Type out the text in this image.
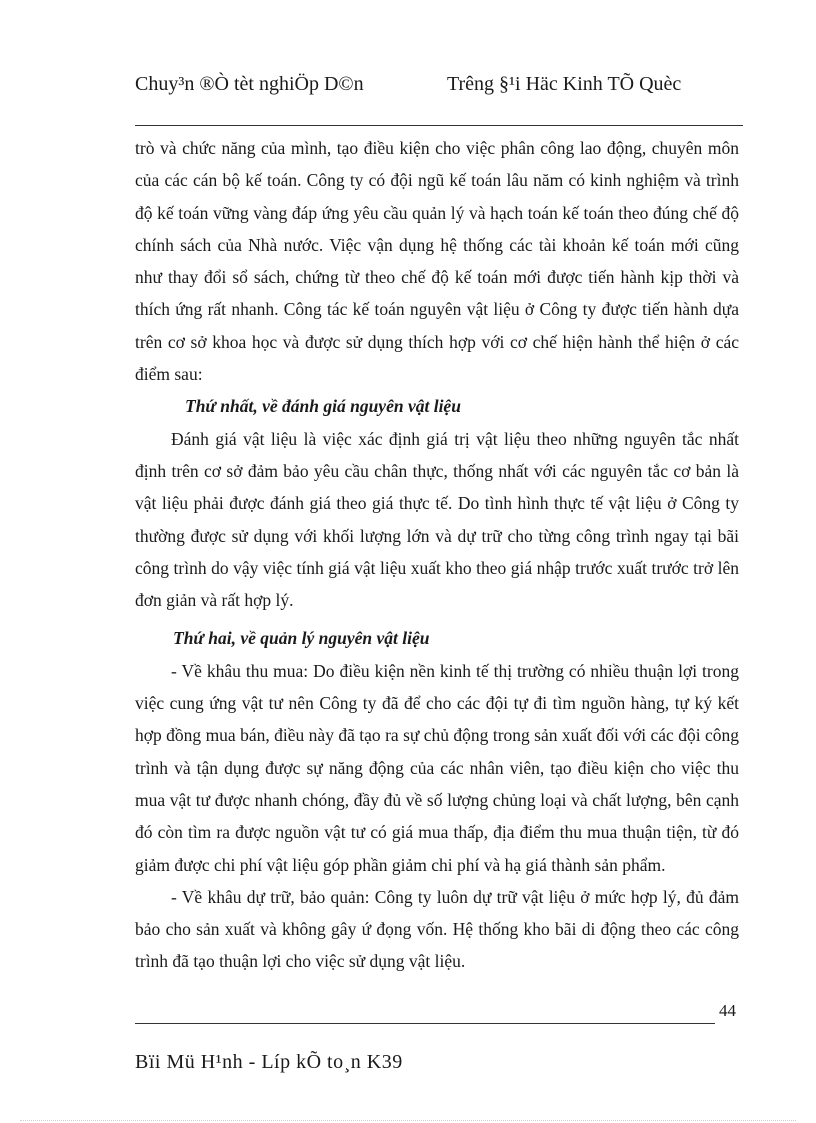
Chuy³n ®Ò tèt nghiÖp D©n	Trêng §¹i Häc Kinh TÕ Quèc

trò và chức năng của mình, tạo điều kiện cho việc phân công lao động, chuyên môn của các cán bộ kế toán. Công ty có đội ngũ kế toán lâu năm có kinh nghiệm và trình độ kế toán vững vàng đáp ứng yêu cầu quản lý và hạch toán kế toán theo đúng chế độ chính sách của Nhà nước. Việc vận dụng hệ thống các tài khoản kế toán mới cũng như thay đổi sổ sách, chứng từ theo chế độ kế toán mới được tiến hành kịp thời và thích ứng rất nhanh. Công tác kế toán nguyên vật liệu ở Công ty được tiến hành dựa trên cơ sở khoa học và được sử dụng thích hợp với cơ chế hiện hành thể hiện ở các điểm sau:

Thứ nhất, về đánh giá nguyên vật liệu

Đánh giá vật liệu là việc xác định giá trị vật liệu theo những nguyên tắc nhất định trên cơ sở đảm bảo yêu cầu chân thực, thống nhất với các nguyên tắc cơ bản là vật liệu phải được đánh giá theo giá thực tế. Do tình hình thực tế vật liệu ở Công ty thường được sử dụng với khối lượng lớn và dự trữ cho từng công trình ngay tại bãi công trình do vậy việc tính giá vật liệu xuất kho theo giá nhập trước xuất trước trở lên đơn giản và rất hợp lý.

Thứ hai, về quản lý nguyên vật liệu

- Về khâu thu mua: Do điều kiện nền kinh tế thị trường có nhiều thuận lợi trong việc cung ứng vật tư nên Công ty đã để cho các đội tự đi tìm nguồn hàng, tự ký kết hợp đồng mua bán, điều này đã tạo ra sự chủ động trong sản xuất đối với các đội công trình và tận dụng được sự năng động của các nhân viên, tạo điều kiện cho việc thu mua vật tư được nhanh chóng, đầy đủ về số lượng chủng loại và chất lượng, bên cạnh đó còn tìm ra được nguồn vật tư có giá mua thấp, địa điểm thu mua thuận tiện, từ đó giảm được chi phí vật liệu góp phần giảm chi phí và hạ giá thành sản phẩm.

- Về khâu dự trữ, bảo quản: Công ty luôn dự trữ vật liệu ở mức hợp lý, đủ đảm bảo cho sản xuất và không gây ứ đọng vốn. Hệ thống kho bãi di động theo các công trình đã tạo thuận lợi cho việc sử dụng vật liệu.

44
Bïi Mü H¹nh - Líp kÕ to¸n K39
